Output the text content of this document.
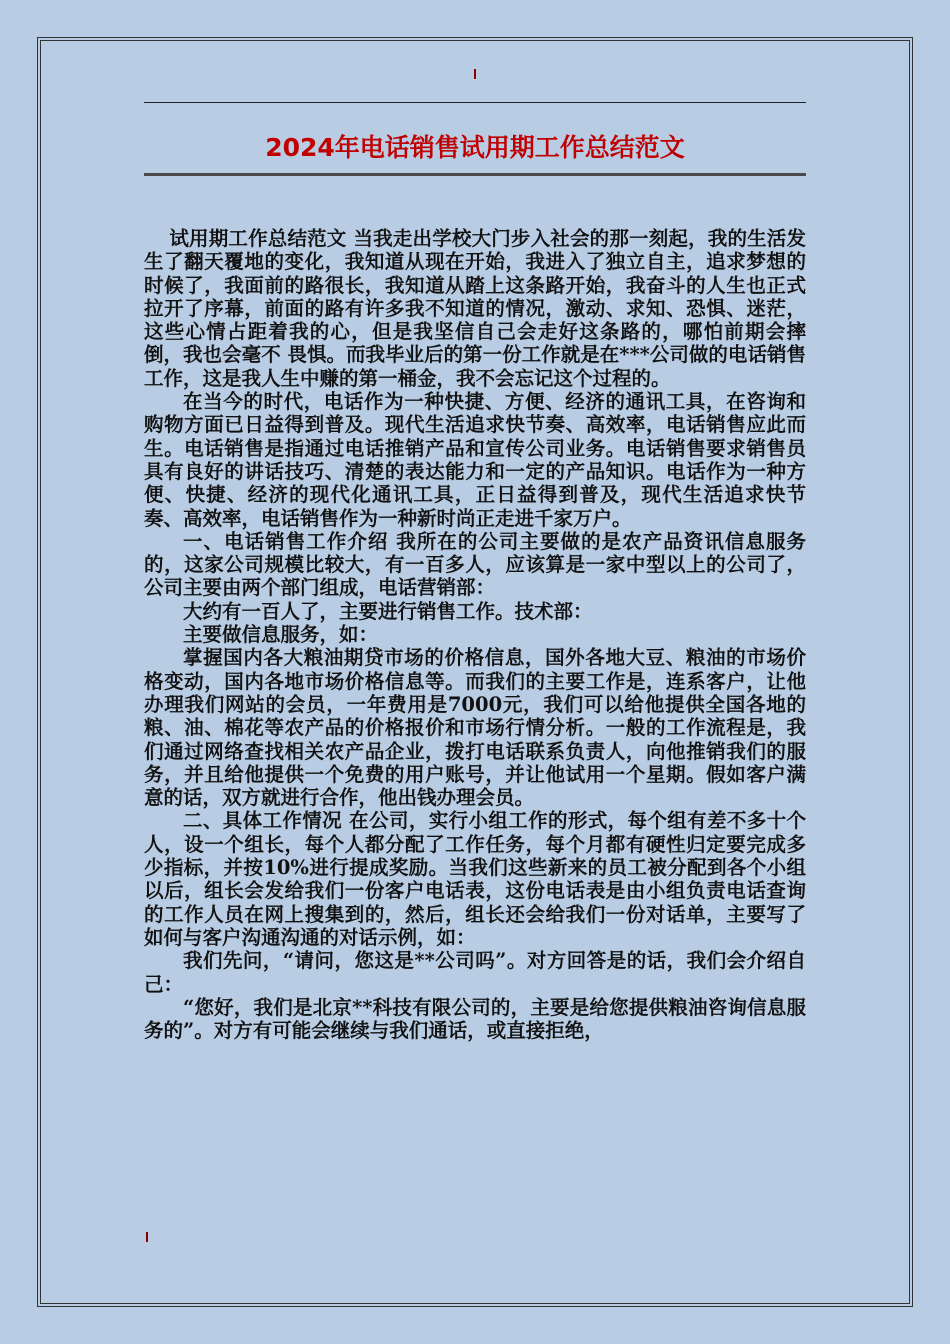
2024年电话销售试用期工作总结范文

试用期工作总结范文 当我走出学校大门步入社会的那一刻起，我的生活发生了翻天覆地的变化，我知道从现在开始，我进入了独立自主，追求梦想的时候了，我面前的路很长，我知道从踏上这条路开始，我奋斗的人生也正式拉开了序幕，前面的路有许多我不知道的情况，激动、求知、恐惧、迷茫，这些心情占距着我的心，但是我坚信自己会走好这条路的，哪怕前期会摔倒，我也会毫不 畏惧。而我毕业后的第一份工作就是在***公司做的电话销售工作，这是我人生中赚的第一桶金，我不会忘记这个过程的。

在当今的时代，电话作为一种快捷、方便、经济的通讯工具，在咨询和购物方面已日益得到普及。现代生活追求快节奏、高效率，电话销售应此而生。电话销售是指通过电话推销产品和宣传公司业务。电话销售要求销售员具有良好的讲话技巧、清楚的表达能力和一定的产品知识。电话作为一种方便、快捷、经济的现代化通讯工具，正日益得到普及，现代生活追求快节奏、高效率，电话销售作为一种新时尚正走进千家万户。

一、电话销售工作介绍 我所在的公司主要做的是农产品资讯信息服务的，这家公司规模比较大，有一百多人，应该算是一家中型以上的公司了，公司主要由两个部门组成，电话营销部：

大约有一百人了，主要进行销售工作。技术部：

主要做信息服务，如：

掌握国内各大粮油期贷市场的价格信息，国外各地大豆、粮油的市场价格变动，国内各地市场价格信息等。而我们的主要工作是，连系客户，让他办理我们网站的会员，一年费用是7000元，我们可以给他提供全国各地的粮、油、棉花等农产品的价格报价和市场行情分析。一般的工作流程是，我们通过网络查找相关农产品企业，拨打电话联系负责人，向他推销我们的服务，并且给他提供一个免费的用户账号，并让他试用一个星期。假如客户满意的话，双方就进行合作，他出钱办理会员。

二、具体工作情况 在公司，实行小组工作的形式，每个组有差不多十个人，设一个组长，每个人都分配了工作任务，每个月都有硬性归定要完成多少指标，并按10%进行提成奖励。当我们这些新来的员工被分配到各个小组以后，组长会发给我们一份客户电话表，这份电话表是由小组负责电话查询的工作人员在网上搜集到的，然后，组长还会给我们一份对话单，主要写了如何与客户沟通沟通的对话示例，如：

我们先问，“请问，您这是**公司吗”。对方回答是的话，我们会介绍自己：

“您好，我们是北京**科技有限公司的，主要是给您提供粮油咨询信息服务的”。对方有可能会继续与我们通话，或直接拒绝，
